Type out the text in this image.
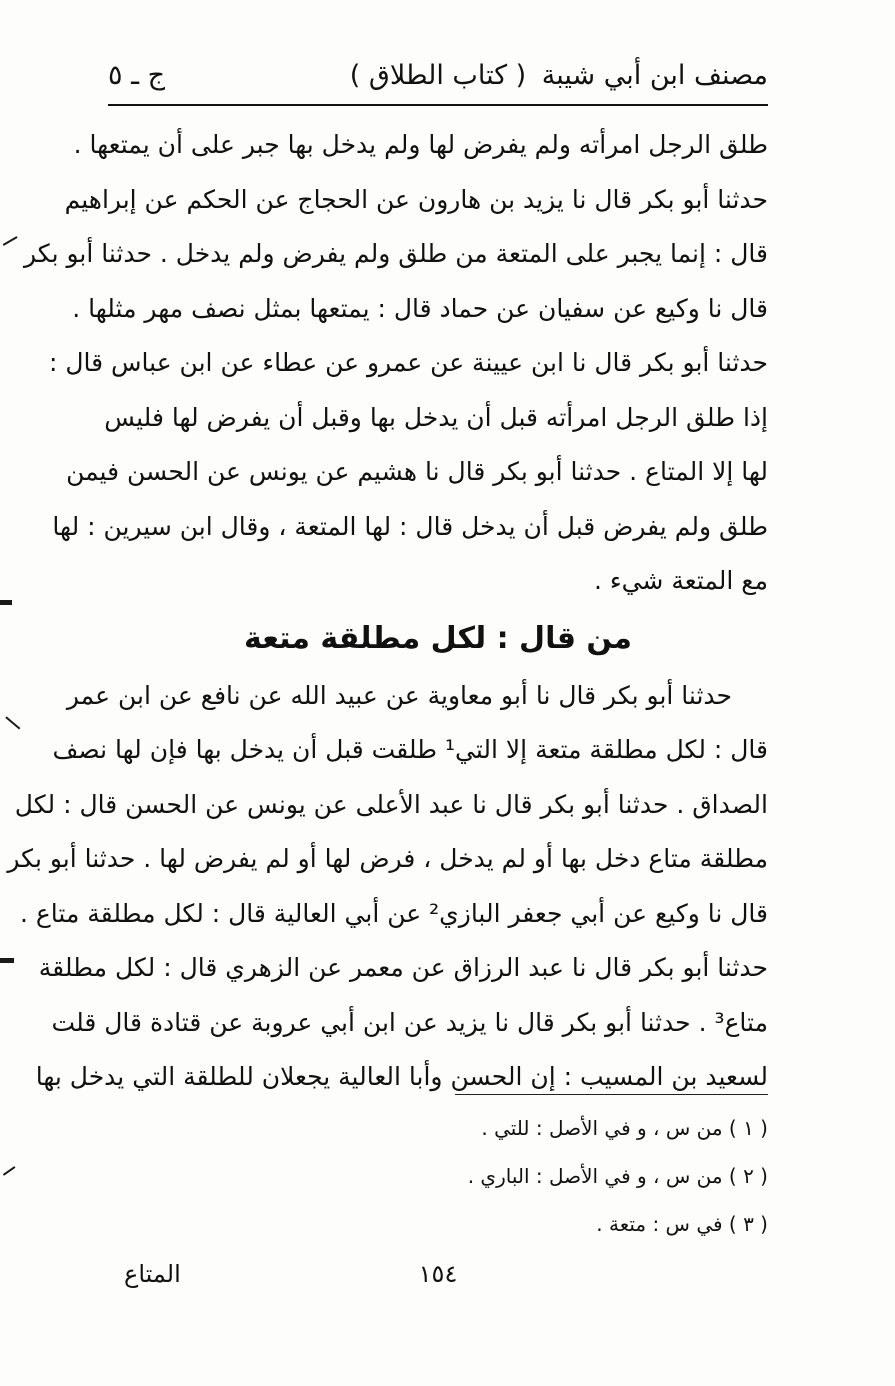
مصنف ابن أبي شيبة
( كتاب الطلاق )
ج ـ ٥
طلق الرجل امرأته ولم يفرض لها ولم يدخل بها جبر على أن يمتعها .
حدثنا أبو بكر قال نا يزيد بن هارون عن الحجاج عن الحكم عن إبراهيم
قال : إنما يجبر على المتعة من طلق ولم يفرض ولم يدخل . حدثنا أبو بكر
قال نا وكيع عن سفيان عن حماد قال : يمتعها بمثل نصف مهر مثلها .
حدثنا أبو بكر قال نا ابن عيينة عن عمرو عن عطاء عن ابن عباس قال :
إذا طلق الرجل امرأته قبل أن يدخل بها وقبل أن يفرض لها فليس
لها إلا المتاع . حدثنا أبو بكر قال نا هشيم عن يونس عن الحسن فيمن
طلق ولم يفرض قبل أن يدخل قال : لها المتعة ، وقال ابن سيرين : لها
مع المتعة شيء .
من قال : لكل مطلقة متعة
حدثنا أبو بكر قال نا أبو معاوية عن عبيد الله عن نافع عن ابن عمر
قال : لكل مطلقة متعة إلا التي¹ طلقت قبل أن يدخل بها فإن لها نصف
الصداق . حدثنا أبو بكر قال نا عبد الأعلى عن يونس عن الحسن قال : لكل
مطلقة متاع دخل بها أو لم يدخل ، فرض لها أو لم يفرض لها . حدثنا أبو بكر
قال نا وكيع عن أبي جعفر البازي² عن أبي العالية قال : لكل مطلقة متاع .
حدثنا أبو بكر قال نا عبد الرزاق عن معمر عن الزهري قال : لكل مطلقة
متاع³ . حدثنا أبو بكر قال نا يزيد عن ابن أبي عروبة عن قتادة قال قلت
لسعيد بن المسيب : إن الحسن وأبا العالية يجعلان للطلقة التي يدخل بها
( ١ ) من س ، و في الأصل : للتي .
( ٢ ) من س ، و في الأصل : الباري .
( ٣ ) في س : متعة .
١٥٤
المتاع
